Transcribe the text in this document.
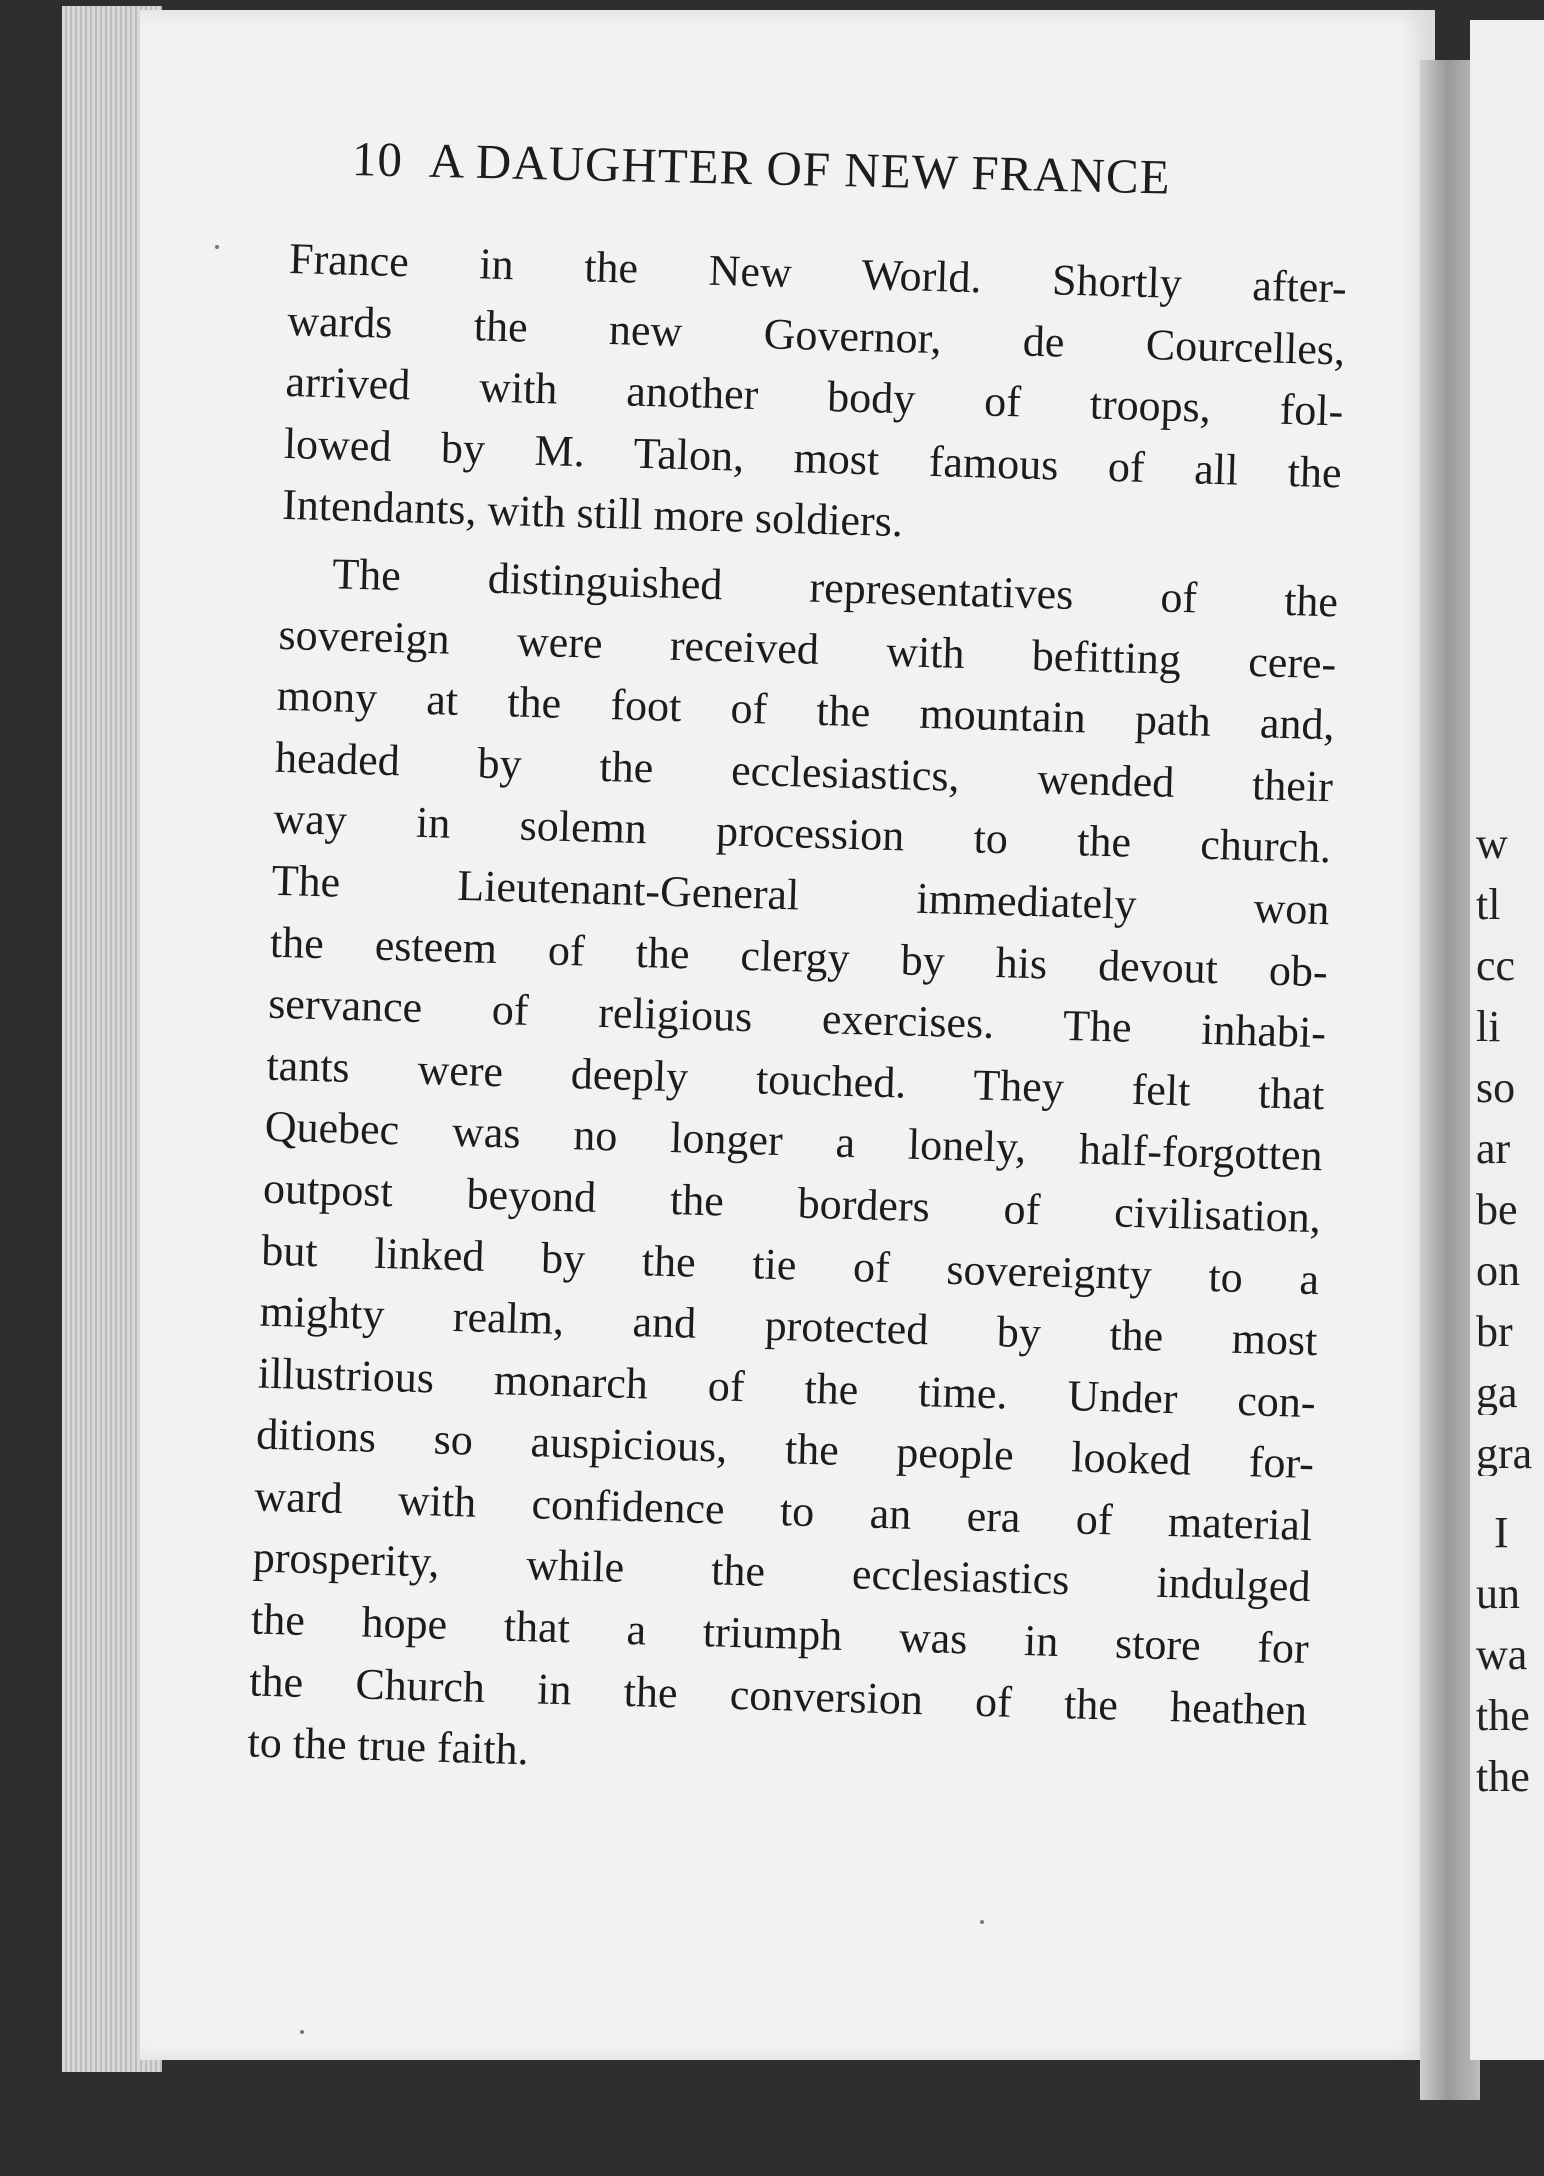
10 A DAUGHTER OF NEW FRANCE
France in the New World. Shortly after-
wards the new Governor, de Courcelles,
arrived with another body of troops, fol-
lowed by M. Talon, most famous of all the
Intendants, with still more soldiers.
The distinguished representatives of the
sovereign were received with befitting cere-
mony at the foot of the mountain path and,
headed by the ecclesiastics, wended their
way in solemn procession to the church.
The Lieutenant-General immediately won
the esteem of the clergy by his devout ob-
servance of religious exercises. The inhabi-
tants were deeply touched. They felt that
Quebec was no longer a lonely, half-forgotten
outpost beyond the borders of civilisation,
but linked by the tie of sovereignty to a
mighty realm, and protected by the most
illustrious monarch of the time. Under con-
ditions so auspicious, the people looked for-
ward with confidence to an era of material
prosperity, while the ecclesiastics indulged
the hope that a triumph was in store for
the Church in the conversion of the heathen
to the true faith.
w
tl
cc
li
so
ar
be
on
br
ga
gra
I
un
wa
the
the
